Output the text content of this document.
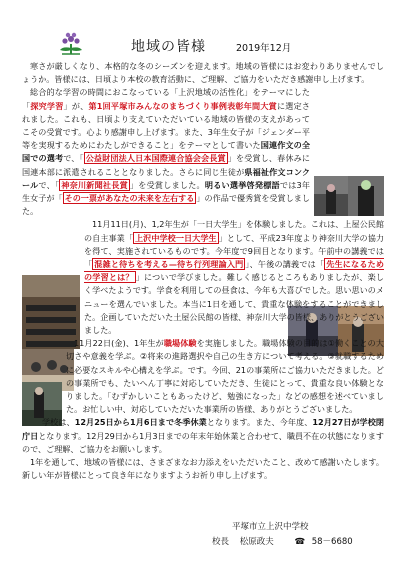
地域の皆様	2019年12月

寒さが厳しくなり、本格的な冬のシーズンを迎えます。地域の皆様にはお変わりありませんでしょうか。皆様には、日頃より本校の教育活動に、ご理解、ご協力をいただき感謝申し上げます。

総合的な学習の時間におこなっている「上沢地域の活性化」をテーマにした「探究学習」が、第1回平塚市みんなのまちづくり事例表彰年間大賞に選定されました。これも、日頃より支えていただいている地域の皆様の支えがあってこその受賞です。心より感謝申し上げます。また、3年生女子が「ジェンダー平等を実現するためにわたしができること」をテーマとして書いた国連作文の全国での選考で、「 公益財団法人日本国際連合協会会長賞 」を受賞し、春休みに国連本部に派遣されることとなりました。さらに同じ生徒が県福祉作文コンクールで、「 神奈川新聞社長賞 」を受賞しました。明るい選挙啓発標語では3年生女子が「 その一票があなたの未来を左右する 」の作品で優秀賞を受賞しました。

11月11日(月)、1,2年生が「一日大学生」を体験しました。これは、上屋公民館の自主事業「 上沢中学校一日大学生 」として、平成23年度より神奈川大学の協力を得て、実施されているものです。今年度で9回目となります。午前中の講義では「 混雑と待ちを考える—待ち行列理論入門 」、午後の講義では「 先生になるための学習とは？ 」についで学びました。難しく感じるところもありましたが、楽しく学べたようです。学食を利用しての昼食は、今年も大喜びでした。思い思いのメニューを選んでいました。本当に1日を通して、貴重な体験をすることができました。企画していただいた土屋公民館の皆様、神奈川大学の皆様、ありがとうございました。

11月22日(金)、1年生が職場体験を実施しました。職場体験の目的は①働くことの大切さや意義を学ぶ。②将来の進路選択や自己の生き方について考える。③就職するために必要なスキルや心構えを学ぶ。です。今回、21の事業所にご協力いただきました。どの事業所でも、たいへん丁寧に対応していただき、生徒にとって、貴重な良い体験となりました。「むずかしいこともあったけど、勉強になった」などの感想を述べていました。お忙しい中、対応していただいた事業所の皆様、ありがとうございました。

学校は、12月25日から1月6日まで冬季休業となります。また、今年度、12月27日が学校閉庁日となります。12月29日から1月3日までの年末年始休業と合わせて、職員不在の状態になりますので、ご理解、ご協力をお願いします。

1年を通して、地域の皆様には、さまざまなお力添えをいただいたこと、改めて感謝いたします。新しい年が皆様にとって良き年になりますようお祈り申し上げます。

平塚市立上沢中学校
校長 松原政夫 ☎ 58－6680
